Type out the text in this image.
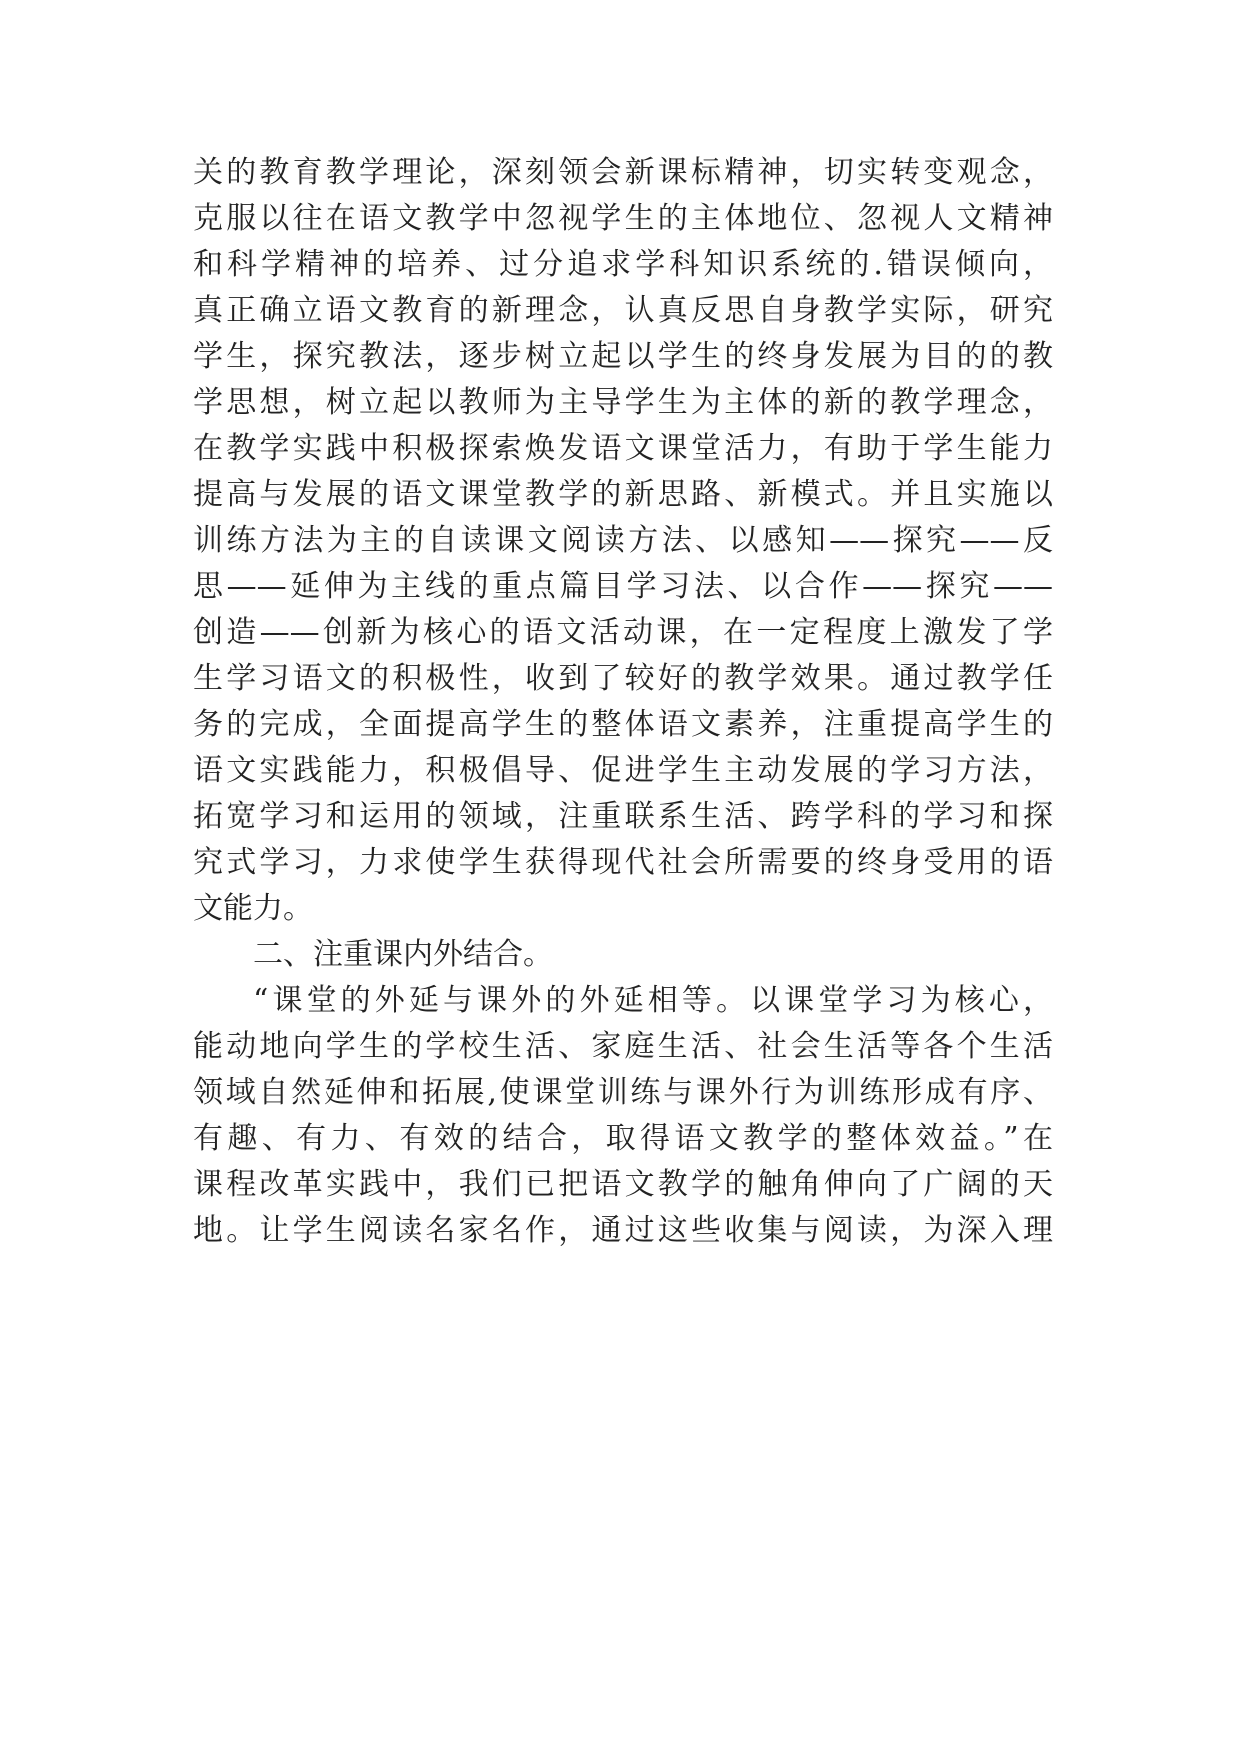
关的教育教学理论，深刻领会新课标精神，切实转变观念，
克服以往在语文教学中忽视学生的主体地位、忽视人文精神
和科学精神的培养、过分追求学科知识系统的.错误倾向，
真正确立语文教育的新理念，认真反思自身教学实际，研究
学生，探究教法，逐步树立起以学生的终身发展为目的的教
学思想，树立起以教师为主导学生为主体的新的教学理念，
在教学实践中积极探索焕发语文课堂活力，有助于学生能力
提高与发展的语文课堂教学的新思路、新模式。并且实施以
训练方法为主的自读课文阅读方法、以感知——探究——反
思——延伸为主线的重点篇目学习法、以合作——探究——
创造——创新为核心的语文活动课，在一定程度上激发了学
生学习语文的积极性，收到了较好的教学效果。通过教学任
务的完成，全面提高学生的整体语文素养，注重提高学生的
语文实践能力，积极倡导、促进学生主动发展的学习方法，
拓宽学习和运用的领域，注重联系生活、跨学科的学习和探
究式学习，力求使学生获得现代社会所需要的终身受用的语
文能力。
二、注重课内外结合。
“课堂的外延与课外的外延相等。以课堂学习为核心，
能动地向学生的学校生活、家庭生活、社会生活等各个生活
领域自然延伸和拓展,使课堂训练与课外行为训练形成有序、
有趣、有力、有效的结合，取得语文教学的整体效益。”在
课程改革实践中，我们已把语文教学的触角伸向了广阔的天
地。让学生阅读名家名作，通过这些收集与阅读，为深入理
